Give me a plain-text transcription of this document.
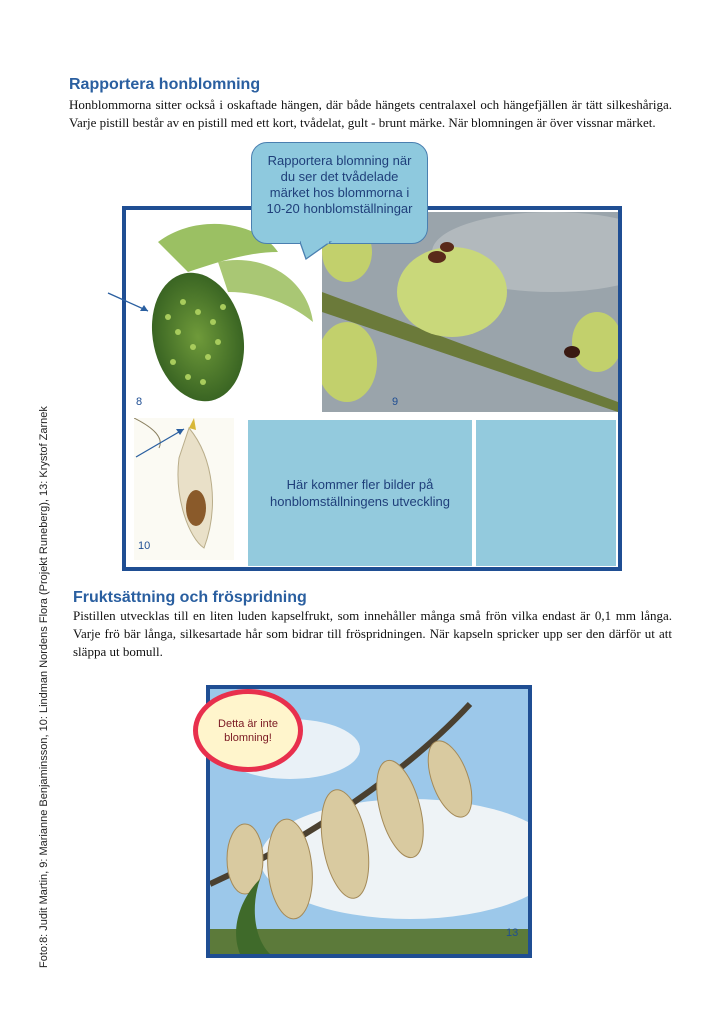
Rapportera honblomning

Honblommorna sitter också i oskaftade hängen, där både hängets centralaxel och hängefjällen är tätt silkeshåriga. Varje pistill består av en pistill med ett kort, tvådelat, gult - brunt märke. När blomningen är över vissnar märket.

8	9
10
Här kommer fler bilder på honblomställningens utveckling
Rapportera blomning när du ser det tvådelade märket hos blommorna i 10-20 honblomställningar
Fruktsättning och fröspridning

Pistillen utvecklas till en liten luden kapselfrukt, som innehåller många små frön vilka endast är 0,1 mm långa. Varje frö bär långa, silkesartade hår som bidrar till fröspridningen. När kapseln spricker upp ser den därför ut att släppa ut bomull.

13
Detta är inte blomning!
Foto:8: Judit Martin, 9: Marianne Benjaminsson, 10: Lindman Nordens Flora (Projekt Runeberg), 13: Krystof Zarnek
